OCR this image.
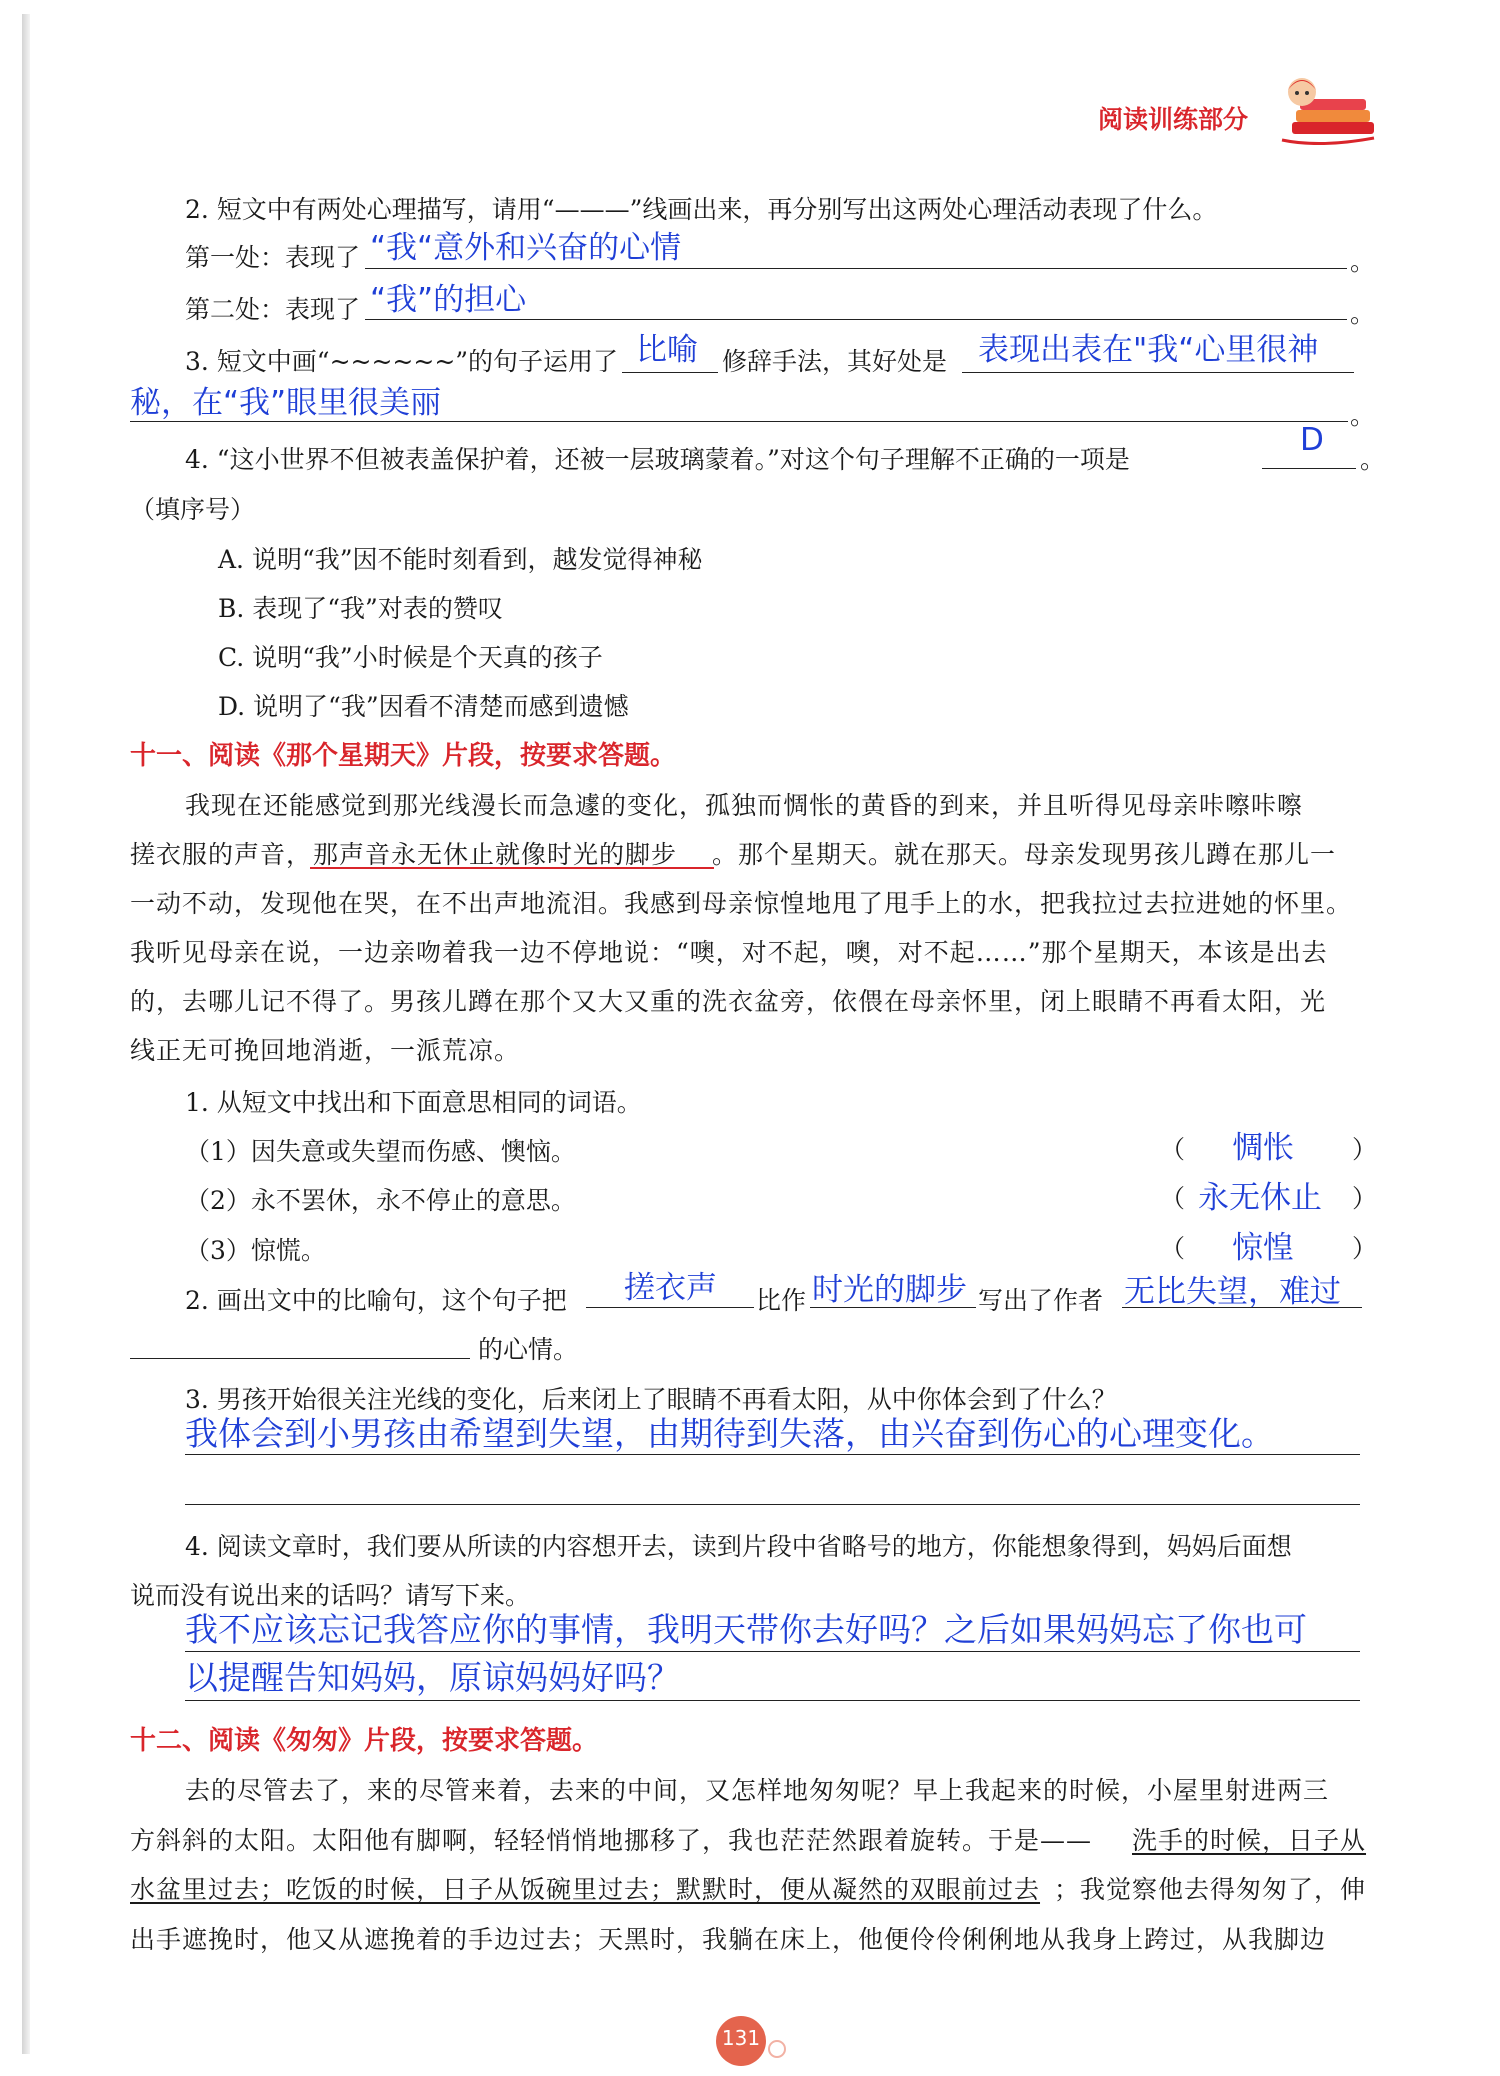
阅读训练部分
2. 短文中有两处心理描写，请用“———”线画出来，再分别写出这两处心理活动表现了什么。
第一处：表现了 “我“意外和兴奋的心情	。
第二处：表现了 “我”的担心	。
3. 短文中画“~~~~~~”的句子运用了 比喻 修辞手法，其好处是 表现出表在"我“心里很神
秘，在“我”眼里很美丽	。
4. “这小世界不但被表盖保护着，还被一层玻璃蒙着。”对这个句子理解不正确的一项是
D
。
（填序号）
A. 说明“我”因不能时刻看到，越发觉得神秘
B. 表现了“我”对表的赞叹
C. 说明“我”小时候是个天真的孩子
D. 说明了“我”因看不清楚而感到遗憾
十一、阅读《那个星期天》片段，按要求答题。
我现在还能感觉到那光线漫长而急遽的变化，孤独而惆怅的黄昏的到来，并且听得见母亲咔嚓咔嚓
搓衣服的声音， 那声音永无休止就像时光的脚步 。 那个星期天。就在那天。母亲发现男孩儿蹲在那儿一
一动不动，发现他在哭，在不出声地流泪。我感到母亲惊惶地甩了甩手上的水，把我拉过去拉进她的怀里。
我听见母亲在说，一边亲吻着我一边不停地说：“噢，对不起，噢，对不起……”那个星期天，本该是出去
的，去哪儿记不得了。男孩儿蹲在那个又大又重的洗衣盆旁，依偎在母亲怀里，闭上眼睛不再看太阳，光
线正无可挽回地消逝，一派荒凉。
1. 从短文中找出和下面意思相同的词语。
（1）因失意或失望而伤感、懊恼。	（ 惆怅 ）
（2）永不罢休，永不停止的意思。	（ 永无休止 ）
（3）惊慌。	（ 惊惶 ）
2. 画出文中的比喻句，这个句子把 搓衣声 比作 时光的脚步 写出了作者 无比失望，难过
的心情。
3. 男孩开始很关注光线的变化，后来闭上了眼睛不再看太阳，从中你体会到了什么？
我体会到小男孩由希望到失望，由期待到失落，由兴奋到伤心的心理变化。
4. 阅读文章时，我们要从所读的内容想开去，读到片段中省略号的地方，你能想象得到，妈妈后面想
说而没有说出来的话吗？请写下来。
我不应该忘记我答应你的事情，我明天带你去好吗？之后如果妈妈忘了你也可
以提醒告知妈妈，原谅妈妈好吗？
十二、阅读《匆匆》片段，按要求答题。
去的尽管去了，来的尽管来着，去来的中间，又怎样地匆匆呢？早上我起来的时候，小屋里射进两三
方斜斜的太阳。太阳他有脚啊，轻轻悄悄地挪移了，我也茫茫然跟着旋转。于是—— 洗手的时候，日子从
水盆里过去；吃饭的时候，日子从饭碗里过去；默默时，便从凝然的双眼前过去 ；我觉察他去得匆匆了，伸
出手遮挽时，他又从遮挽着的手边过去；天黑时，我躺在床上，他便伶伶俐俐地从我身上跨过，从我脚边
131
